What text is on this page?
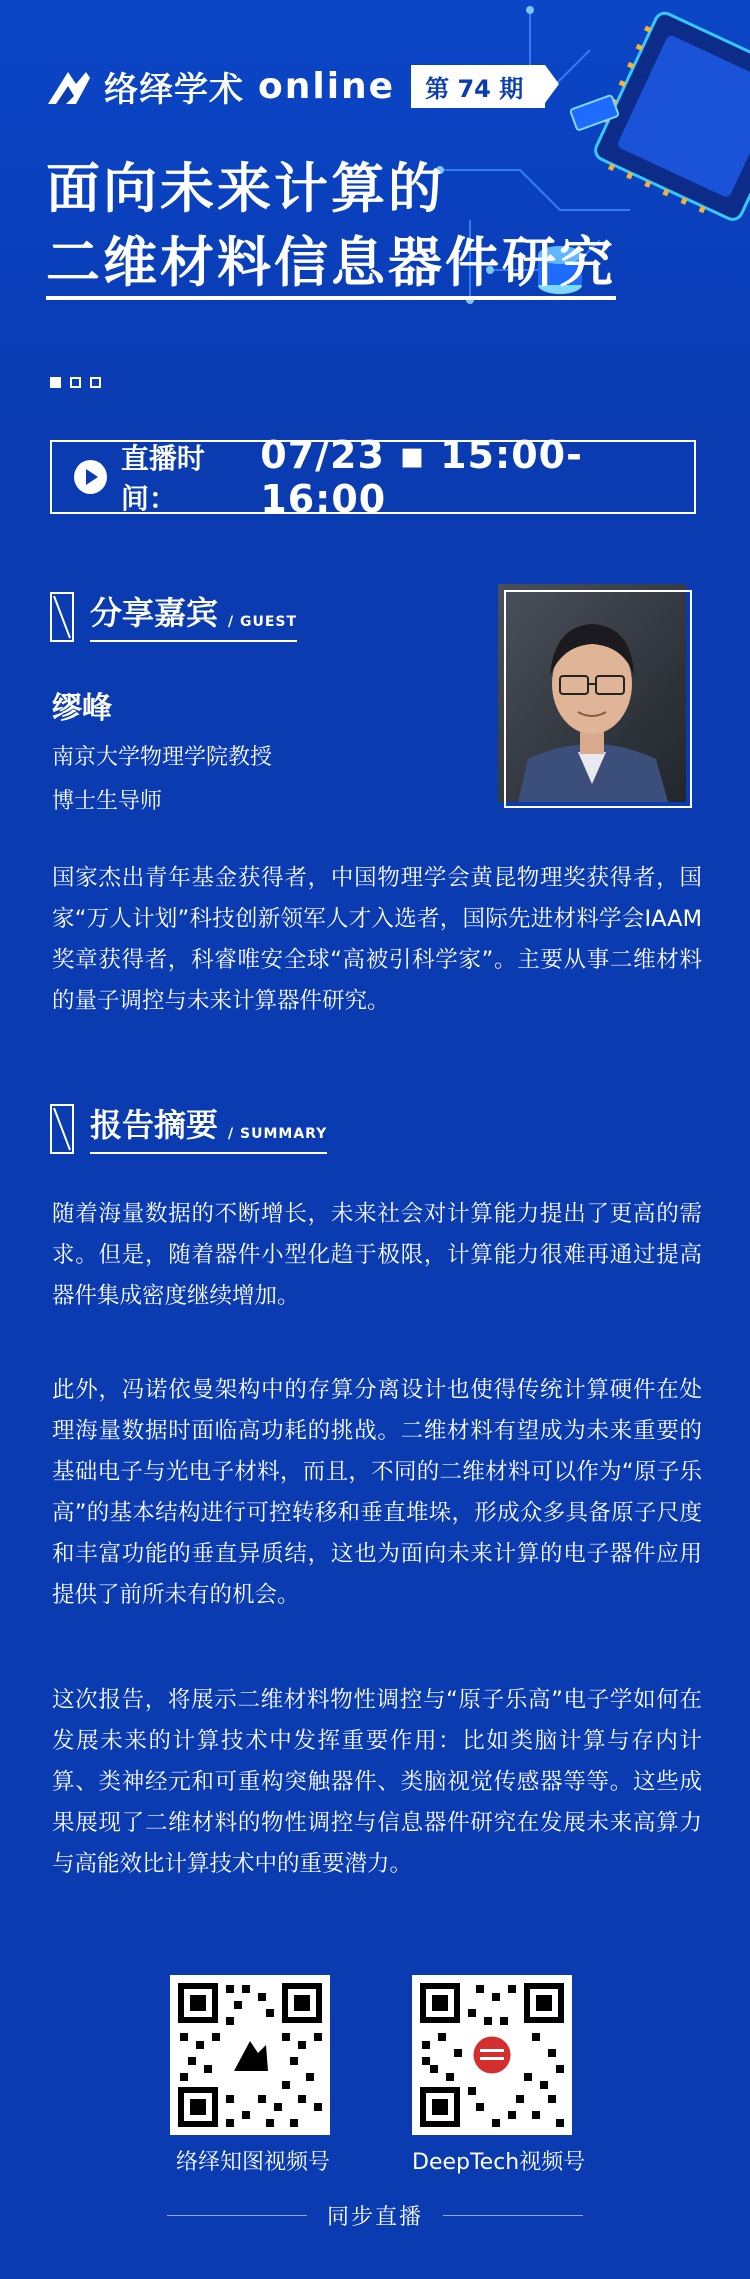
络绎学术 online	第 74 期
面向未来计算的
二维材料信息器件研究
直播时间：
07/23 ▪ 15:00-16:00
分享嘉宾 / GUEST
缪峰
南京大学物理学院教授
博士生导师
国家杰出青年基金获得者，中国物理学会黄昆物理奖获得者，国家“万人计划”科技创新领军人才入选者，国际先进材料学会IAAM奖章获得者，科睿唯安全球“高被引科学家”。主要从事二维材料的量子调控与未来计算器件研究。
报告摘要 / SUMMARY
随着海量数据的不断增长，未来社会对计算能力提出了更高的需求。但是，随着器件小型化趋于极限，计算能力很难再通过提高器件集成密度继续增加。
此外，冯诺依曼架构中的存算分离设计也使得传统计算硬件在处理海量数据时面临高功耗的挑战。二维材料有望成为未来重要的基础电子与光电子材料，而且，不同的二维材料可以作为“原子乐高”的基本结构进行可控转移和垂直堆垛，形成众多具备原子尺度和丰富功能的垂直异质结，这也为面向未来计算的电子器件应用提供了前所未有的机会。
这次报告，将展示二维材料物性调控与“原子乐高”电子学如何在发展未来的计算技术中发挥重要作用：比如类脑计算与存内计算、类神经元和可重构突触器件、类脑视觉传感器等等。这些成果展现了二维材料的物性调控与信息器件研究在发展未来高算力与高能效比计算技术中的重要潜力。
络绎知图视频号	DeepTech视频号
同步直播
